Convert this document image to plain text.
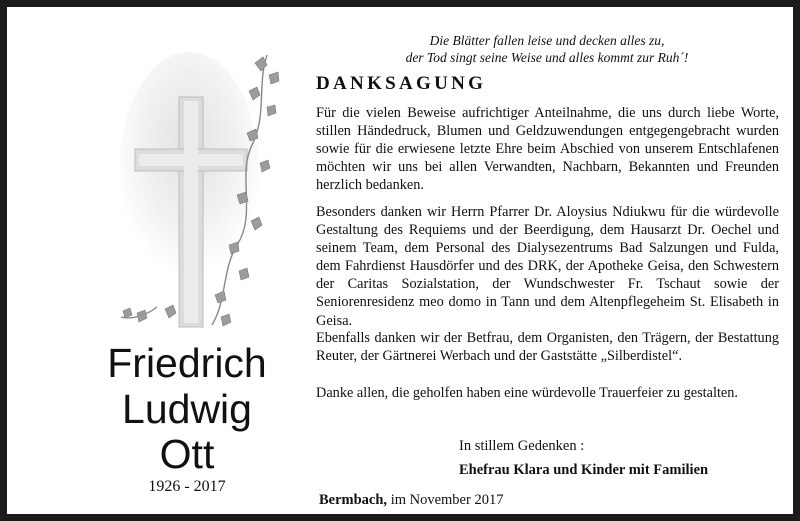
Friedrich
Ludwig
Ott
1926 - 2017
Die Blätter fallen leise und decken alles zu,
der Tod singt seine Weise und alles kommt zur Ruh´!
DANKSAGUNG

Für die vielen Beweise aufrichtiger Anteilnahme, die uns durch liebe Worte, stillen Händedruck, Blumen und Geldzuwendungen entgegengebracht wurden sowie für die erwiesene letzte Ehre beim Abschied von unserem Entschlafenen möchten wir uns bei allen Verwandten, Nachbarn, Bekannten und Freunden herzlich bedanken.

Besonders danken wir Herrn Pfarrer Dr. Aloysius Ndiukwu für die würdevolle Gestaltung des Requiems und der Beerdigung, dem Hausarzt Dr. Oechel und seinem Team, dem Personal des Dialysezentrums Bad Salzungen und Fulda, dem Fahrdienst Hausdörfer und des DRK, der Apotheke Geisa, den Schwestern der Caritas Sozialstation, der Wundschwester Fr. Tschaut sowie der Seniorenresidenz meo domo in Tann und dem Altenpflegeheim St. Elisabeth in Geisa.

Ebenfalls danken wir der Betfrau, dem Organisten, den Trägern, der Bestattung Reuter, der Gärtnerei Werbach und der Gaststätte „Silberdistel“.

Danke allen, die geholfen haben eine würdevolle Trauerfeier zu gestalten.

In stillem Gedenken :
Ehefrau Klara und Kinder mit Familien
Bermbach, im November 2017
